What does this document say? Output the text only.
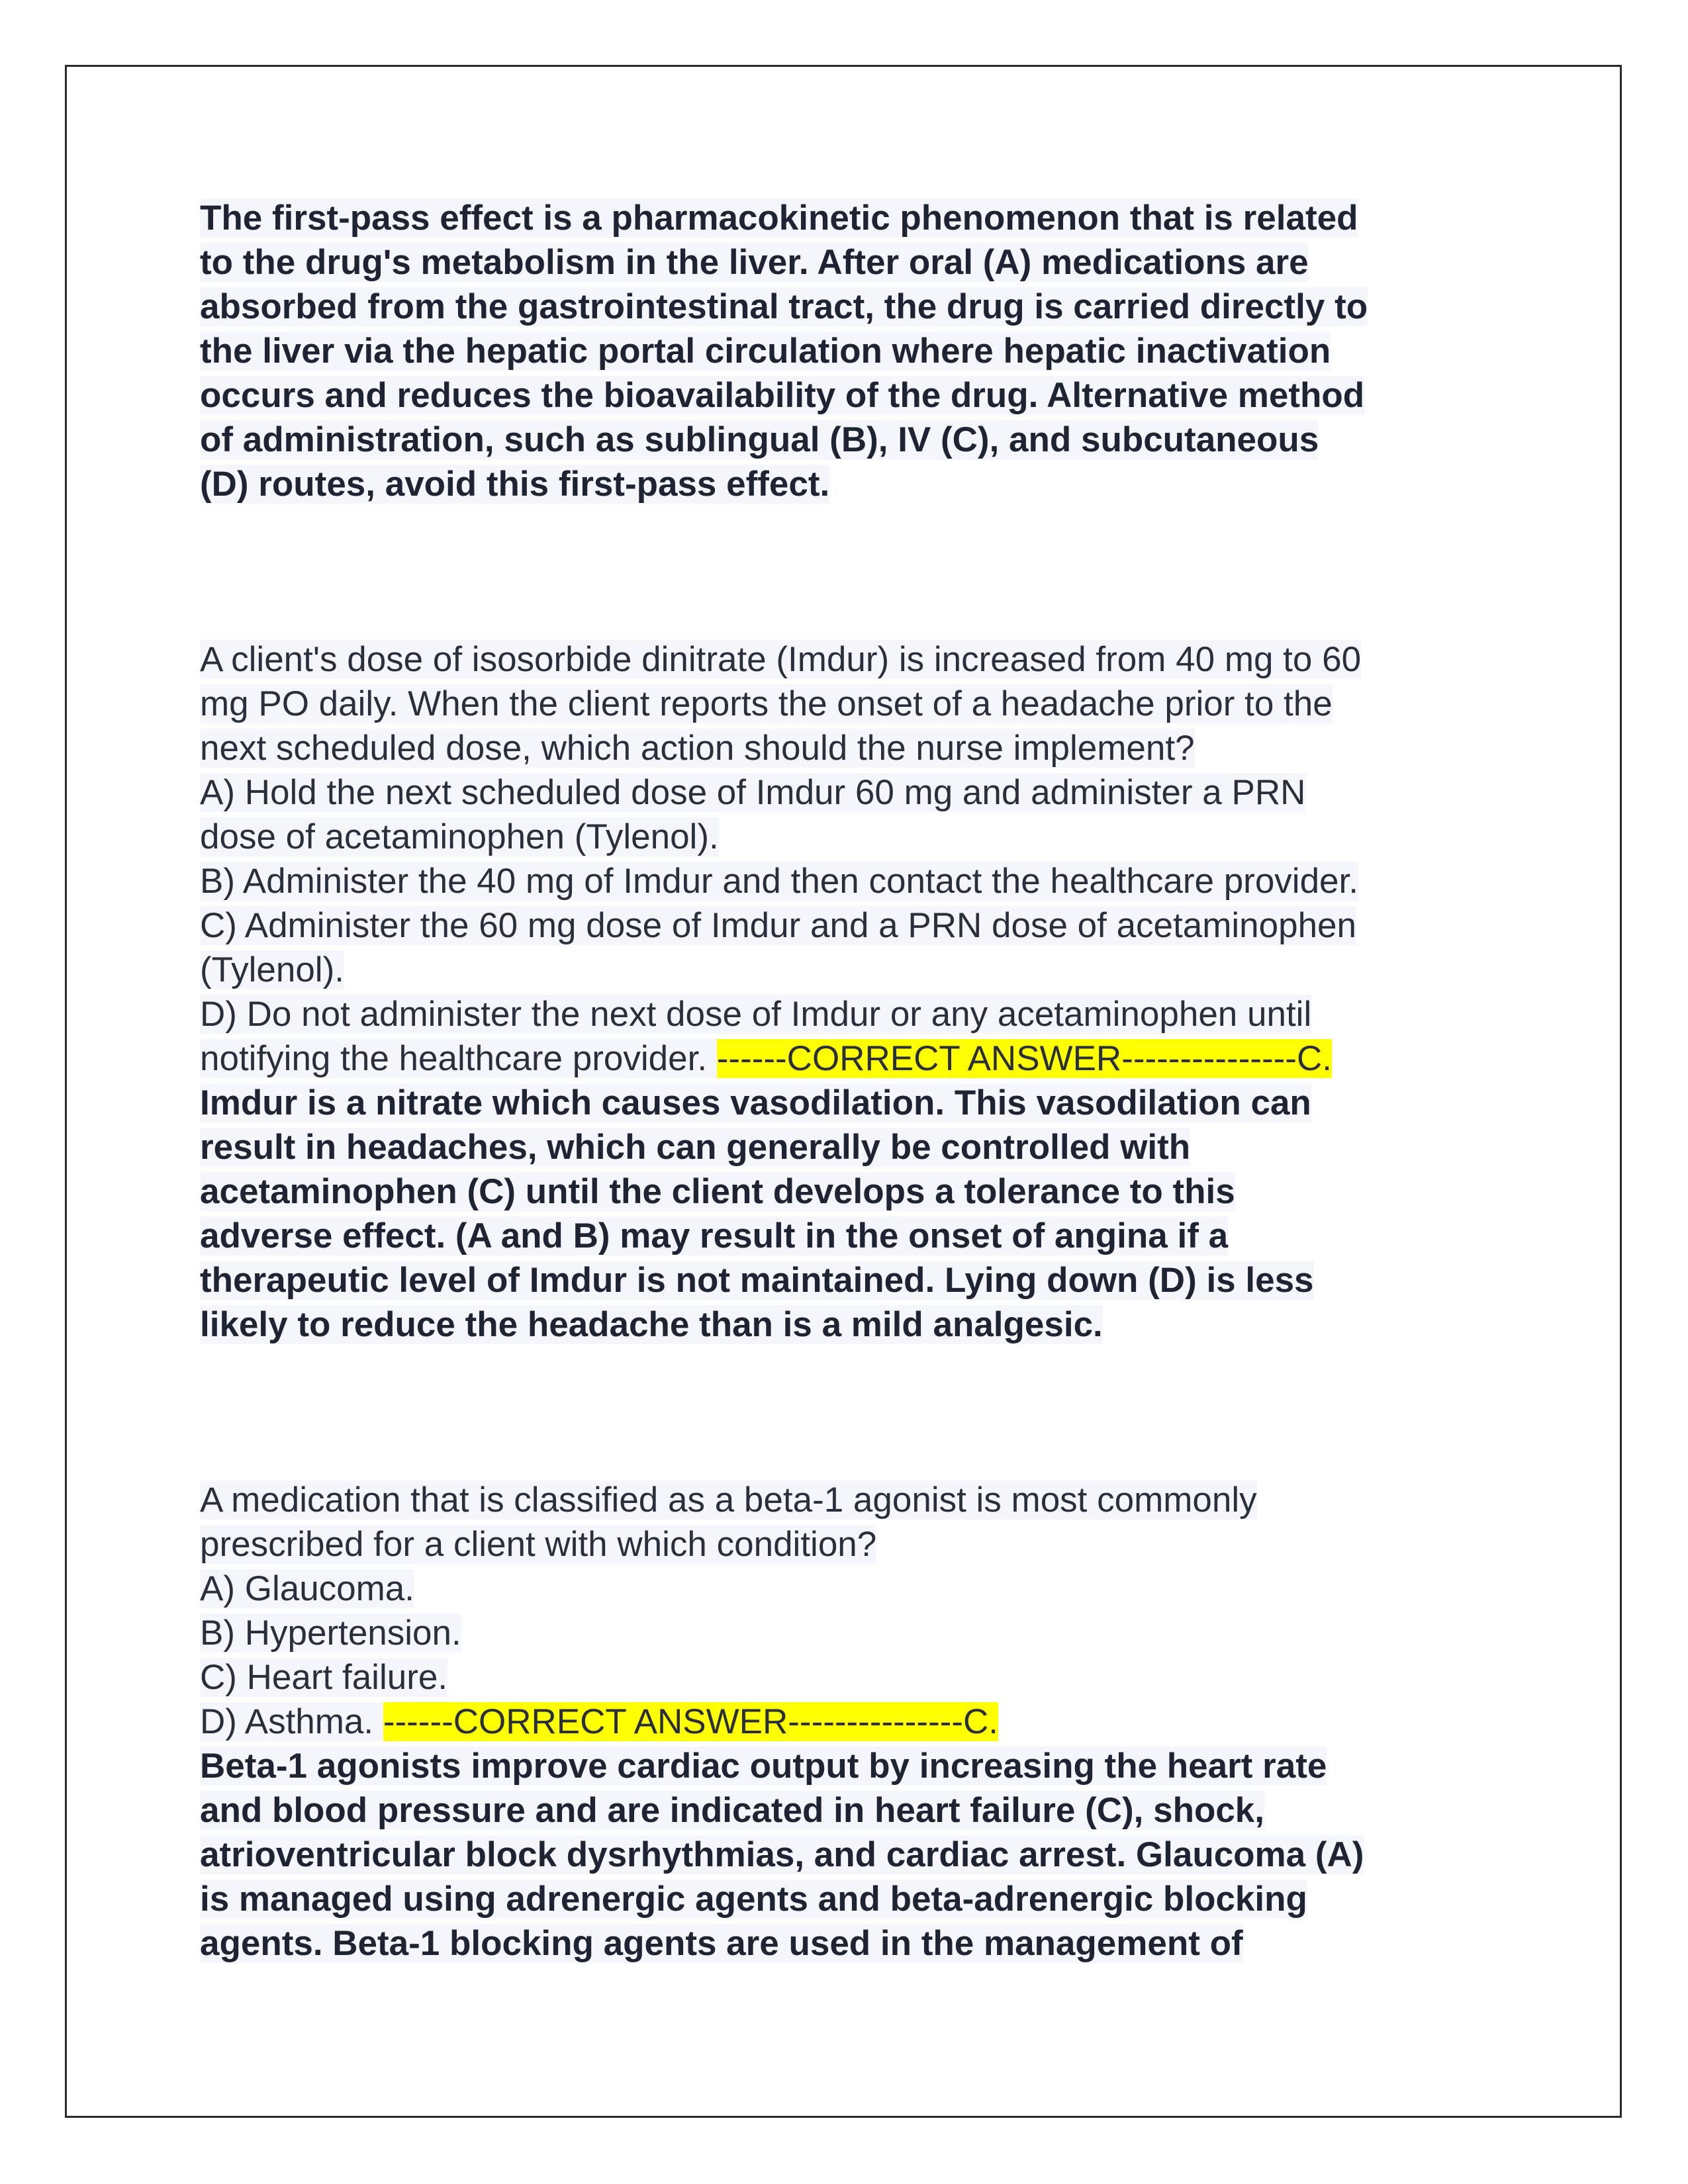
The first-pass effect is a pharmacokinetic phenomenon that is related
to the drug's metabolism in the liver. After oral (A) medications are
absorbed from the gastrointestinal tract, the drug is carried directly to
the liver via the hepatic portal circulation where hepatic inactivation
occurs and reduces the bioavailability of the drug. Alternative method
of administration, such as sublingual (B), IV (C), and subcutaneous
(D) routes, avoid this first-pass effect.
A client's dose of isosorbide dinitrate (Imdur) is increased from 40 mg to 60
mg PO daily. When the client reports the onset of a headache prior to the
next scheduled dose, which action should the nurse implement?
A) Hold the next scheduled dose of Imdur 60 mg and administer a PRN
dose of acetaminophen (Tylenol).
B) Administer the 40 mg of Imdur and then contact the healthcare provider.
C) Administer the 60 mg dose of Imdur and a PRN dose of acetaminophen
(Tylenol).
D) Do not administer the next dose of Imdur or any acetaminophen until
notifying the healthcare provider. ------CORRECT ANSWER---------------C.
Imdur is a nitrate which causes vasodilation. This vasodilation can
result in headaches, which can generally be controlled with
acetaminophen (C) until the client develops a tolerance to this
adverse effect. (A and B) may result in the onset of angina if a
therapeutic level of Imdur is not maintained. Lying down (D) is less
likely to reduce the headache than is a mild analgesic.
A medication that is classified as a beta-1 agonist is most commonly
prescribed for a client with which condition?
A) Glaucoma.
B) Hypertension.
C) Heart failure.
D) Asthma. ------CORRECT ANSWER---------------C.
Beta-1 agonists improve cardiac output by increasing the heart rate
and blood pressure and are indicated in heart failure (C), shock,
atrioventricular block dysrhythmias, and cardiac arrest. Glaucoma (A)
is managed using adrenergic agents and beta-adrenergic blocking
agents. Beta-1 blocking agents are used in the management of
